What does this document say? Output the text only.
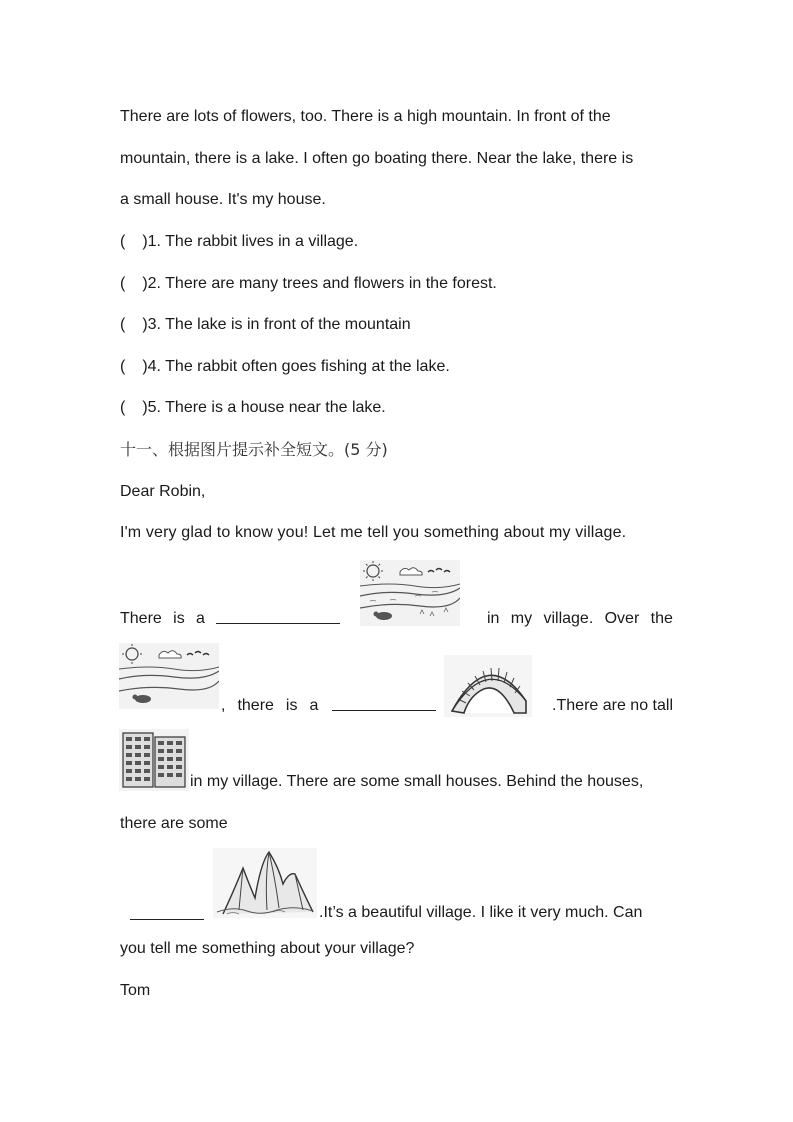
There are lots of flowers, too. There is a high mountain. In front of the
mountain, there is a lake. I often go boating there. Near the lake, there is
a small house. It's my house.
( )1. The rabbit lives in a village.
( )2. There are many trees and flowers in the forest.
( )3. The lake is in front of the mountain
( )4. The rabbit often goes fishing at the lake.
( )5. There is a house near the lake.
十一、根据图片提示补全短文。(5 分)
Dear Robin,
I'm very glad to know you! Let me tell you something about my village.
There is a	in my village. Over the
, there is a	.There are no tall
in my village. There are some small houses. Behind the houses,
there are some
.It’s a beautiful village. I like it very much. Can
you tell me something about your village?
Tom
